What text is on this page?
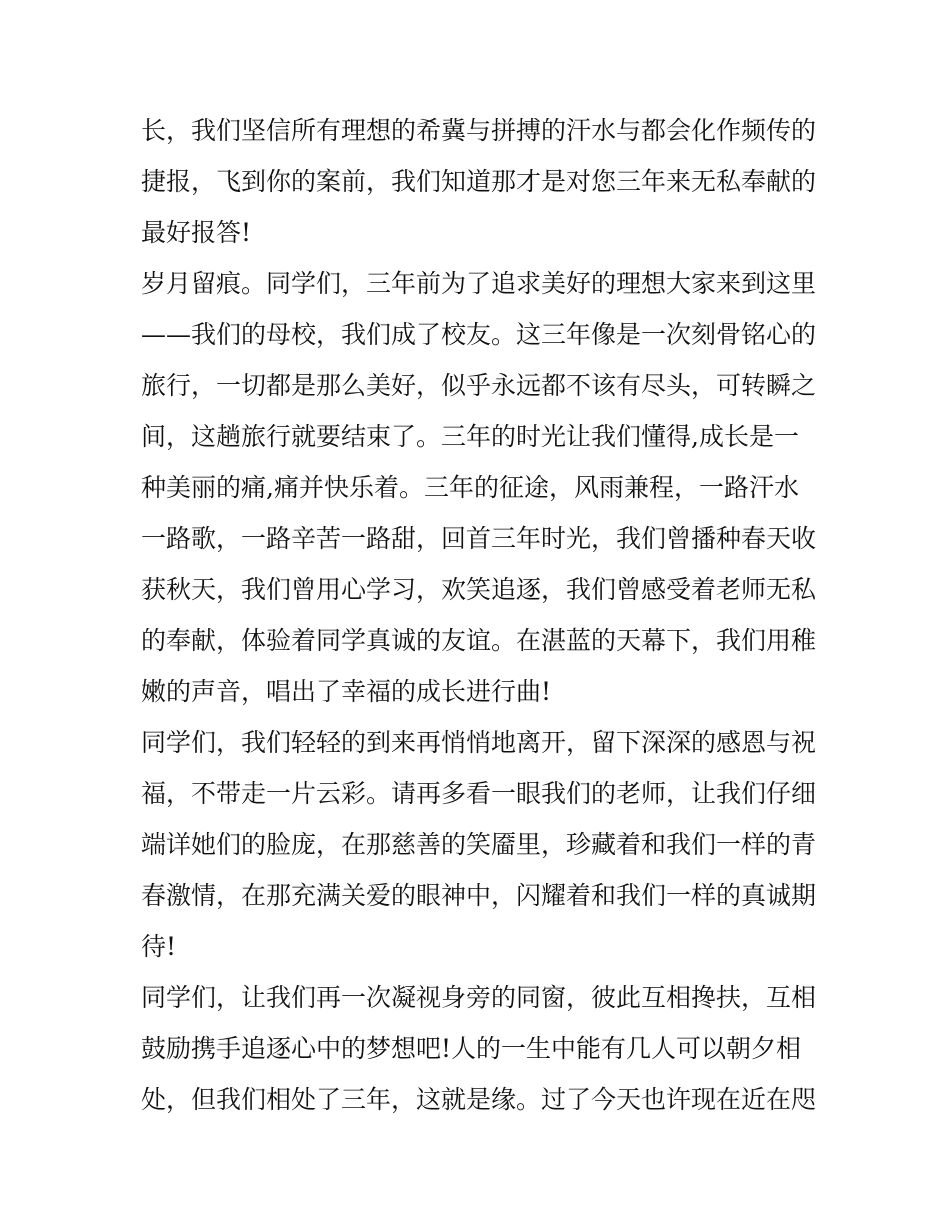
长，我们坚信所有理想的希冀与拼搏的汗水与都会化作频传的
捷报，飞到你的案前，我们知道那才是对您三年来无私奉献的
最好报答!
岁月留痕。同学们，三年前为了追求美好的理想大家来到这里
——我们的母校，我们成了校友。这三年像是一次刻骨铭心的
旅行，一切都是那么美好，似乎永远都不该有尽头，可转瞬之
间，这趟旅行就要结束了。三年的时光让我们懂得,成长是一
种美丽的痛,痛并快乐着。三年的征途，风雨兼程，一路汗水
一路歌，一路辛苦一路甜，回首三年时光，我们曾播种春天收
获秋天，我们曾用心学习，欢笑追逐，我们曾感受着老师无私
的奉献，体验着同学真诚的友谊。在湛蓝的天幕下，我们用稚
嫩的声音，唱出了幸福的成长进行曲!
同学们，我们轻轻的到来再悄悄地离开，留下深深的感恩与祝
福，不带走一片云彩。请再多看一眼我们的老师，让我们仔细
端详她们的脸庞，在那慈善的笑靥里，珍藏着和我们一样的青
春激情，在那充满关爱的眼神中，闪耀着和我们一样的真诚期
待!
同学们，让我们再一次凝视身旁的同窗，彼此互相搀扶，互相
鼓励携手追逐心中的梦想吧!人的一生中能有几人可以朝夕相
处，但我们相处了三年，这就是缘。过了今天也许现在近在咫
